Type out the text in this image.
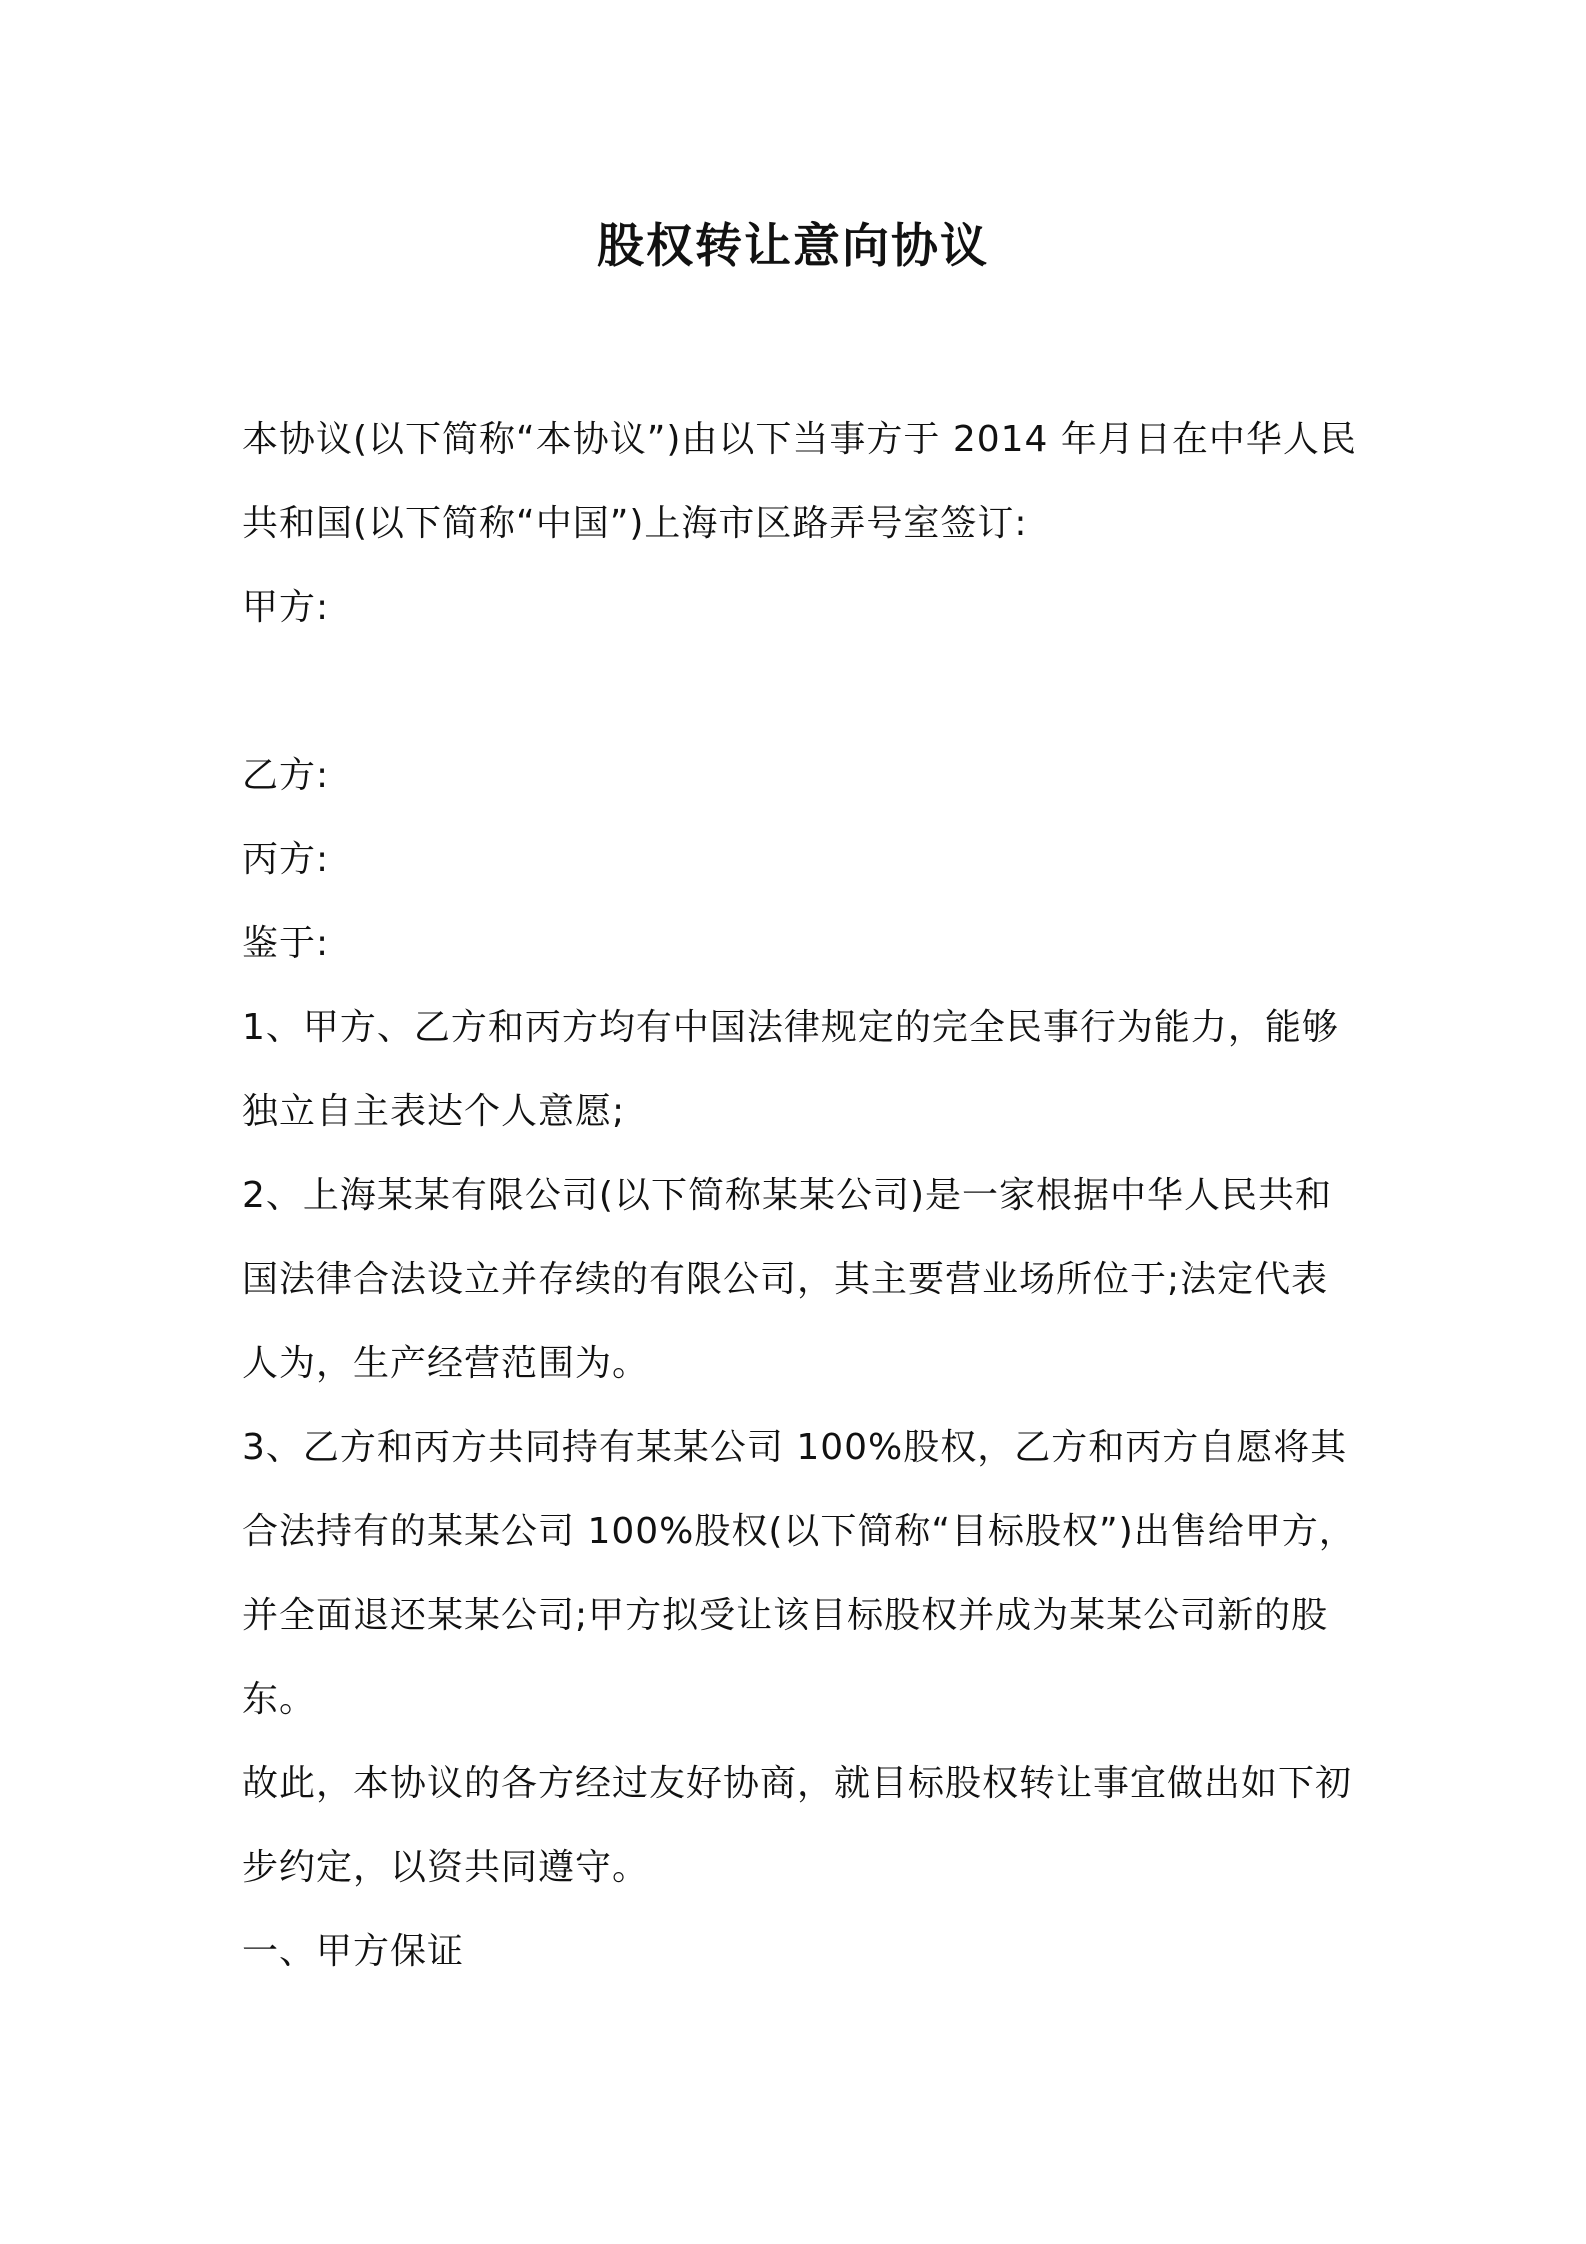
股权转让意向协议

本协议(以下简称“本协议”)由以下当事方于 2014 年月日在中华人民共和国(以下简称“中国”)上海市区路弄号室签订:

甲方:

乙方:

丙方:

鉴于:

1、甲方、乙方和丙方均有中国法律规定的完全民事行为能力，能够独立自主表达个人意愿;

2、上海某某有限公司(以下简称某某公司)是一家根据中华人民共和国法律合法设立并存续的有限公司，其主要营业场所位于;法定代表人为，生产经营范围为。

3、乙方和丙方共同持有某某公司 100%股权，乙方和丙方自愿将其合法持有的某某公司 100%股权(以下简称“目标股权”)出售给甲方，并全面退还某某公司;甲方拟受让该目标股权并成为某某公司新的股东。

故此，本协议的各方经过友好协商，就目标股权转让事宜做出如下初步约定，以资共同遵守。

一、甲方保证
